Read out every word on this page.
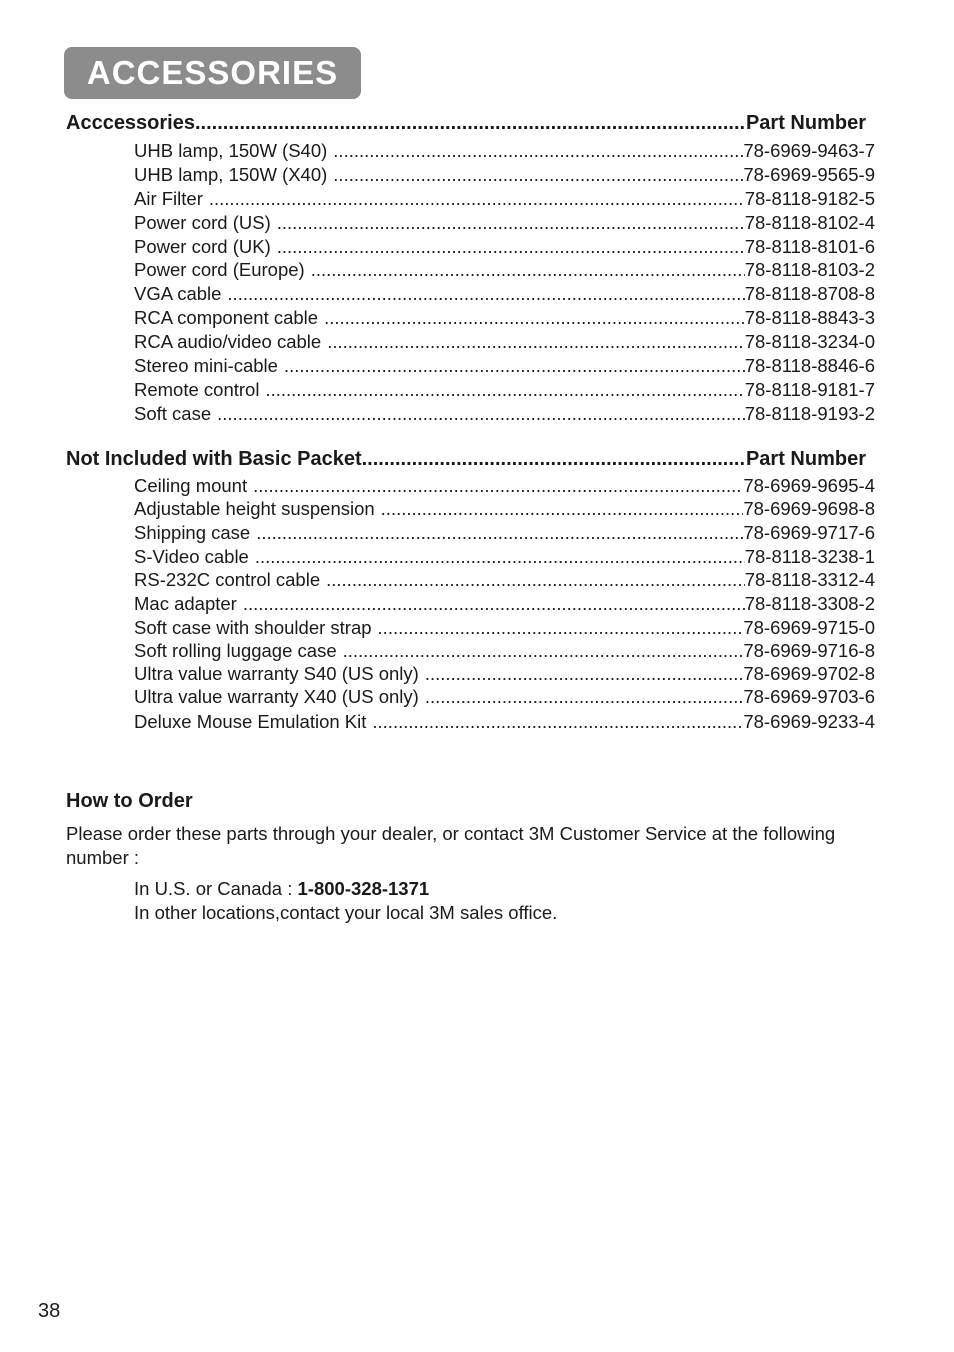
ACCESSORIES
Acccessories .....	Part Number
UHB lamp, 150W (S40) .....	78-6969-9463-7
UHB lamp, 150W (X40) .....	78-6969-9565-9
Air Filter .....	78-8118-9182-5
Power cord (US) .....	78-8118-8102-4
Power cord (UK) .....	78-8118-8101-6
Power cord (Europe) .....	78-8118-8103-2
VGA cable .....	78-8118-8708-8
RCA component cable .....	78-8118-8843-3
RCA audio/video cable .....	78-8118-3234-0
Stereo mini-cable .....	78-8118-8846-6
Remote control .....	78-8118-9181-7
Soft case .....	78-8118-9193-2
Not Included with Basic Packet .....	Part Number
Ceiling mount .....	78-6969-9695-4
Adjustable height suspension .....	78-6969-9698-8
Shipping case .....	78-6969-9717-6
S-Video cable .....	78-8118-3238-1
RS-232C control cable .....	78-8118-3312-4
Mac adapter .....	78-8118-3308-2
Soft case with shoulder strap .....	78-6969-9715-0
Soft rolling luggage case .....	78-6969-9716-8
Ultra value warranty S40 (US only) .....	78-6969-9702-8
Ultra value warranty X40 (US only) .....	78-6969-9703-6
Deluxe Mouse Emulation Kit .....	78-6969-9233-4
How to Order
Please order these parts through your dealer, or contact 3M Customer Service at the following number :
In U.S. or Canada : 1-800-328-1371
In other locations,contact your local 3M sales office.
38
